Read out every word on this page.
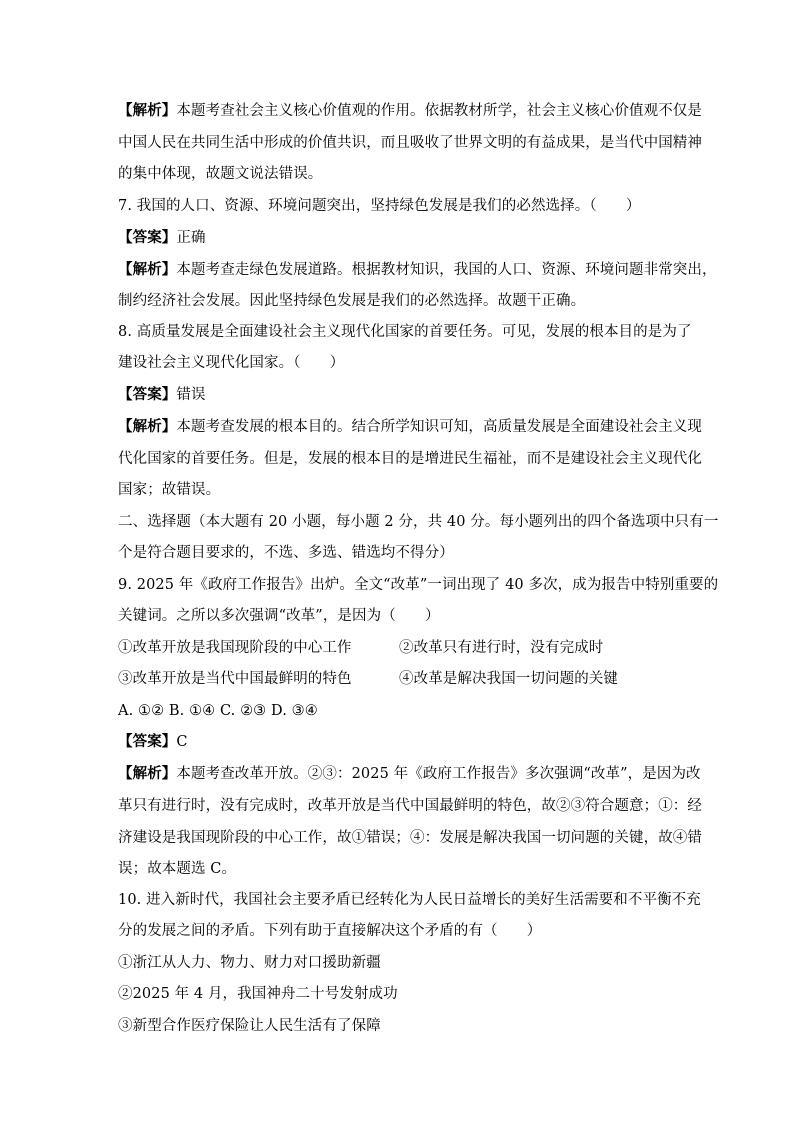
【解析】本题考查社会主义核心价值观的作用。依据教材所学，社会主义核心价值观不仅是
中国人民在共同生活中形成的价值共识，而且吸收了世界文明的有益成果，是当代中国精神
的集中体现，故题文说法错误。
7. 我国的人口、资源、环境问题突出，坚持绿色发展是我们的必然选择。（　　）
【答案】正确
【解析】本题考查走绿色发展道路。根据教材知识，我国的人口、资源、环境问题非常突出，
制约经济社会发展。因此坚持绿色发展是我们的必然选择。故题干正确。
8. 高质量发展是全面建设社会主义现代化国家的首要任务。可见，发展的根本目的是为了
建设社会主义现代化国家。（　　）
【答案】错误
【解析】本题考查发展的根本目的。结合所学知识可知，高质量发展是全面建设社会主义现
代化国家的首要任务。但是，发展的根本目的是增进民生福祉，而不是建设社会主义现代化
国家；故错误。
二、选择题（本大题有 20 小题，每小题 2 分，共 40 分。每小题列出的四个备选项中只有一
个是符合题目要求的，不选、多选、错选均不得分）
9. 2025 年《政府工作报告》出炉。全文“改革”一词出现了 40 多次，成为报告中特别重要的
关键词。之所以多次强调“改革”，是因为（　　）
①改革开放是我国现阶段的中心工作	②改革只有进行时，没有完成时
③改革开放是当代中国最鲜明的特色	④改革是解决我国一切问题的关键
A. ①② B. ①④ C. ②③ D. ③④
【答案】C
【解析】本题考查改革开放。②③：2025 年《政府工作报告》多次强调“改革”，是因为改
革只有进行时，没有完成时，改革开放是当代中国最鲜明的特色，故②③符合题意；①：经
济建设是我国现阶段的中心工作，故①错误；④：发展是解决我国一切问题的关键，故④错
误；故本题选 C。
10. 进入新时代，我国社会主要矛盾已经转化为人民日益增长的美好生活需要和不平衡不充
分的发展之间的矛盾。下列有助于直接解决这个矛盾的有（　　）
①浙江从人力、物力、财力对口援助新疆
②2025 年 4 月，我国神舟二十号发射成功
③新型合作医疗保险让人民生活有了保障
